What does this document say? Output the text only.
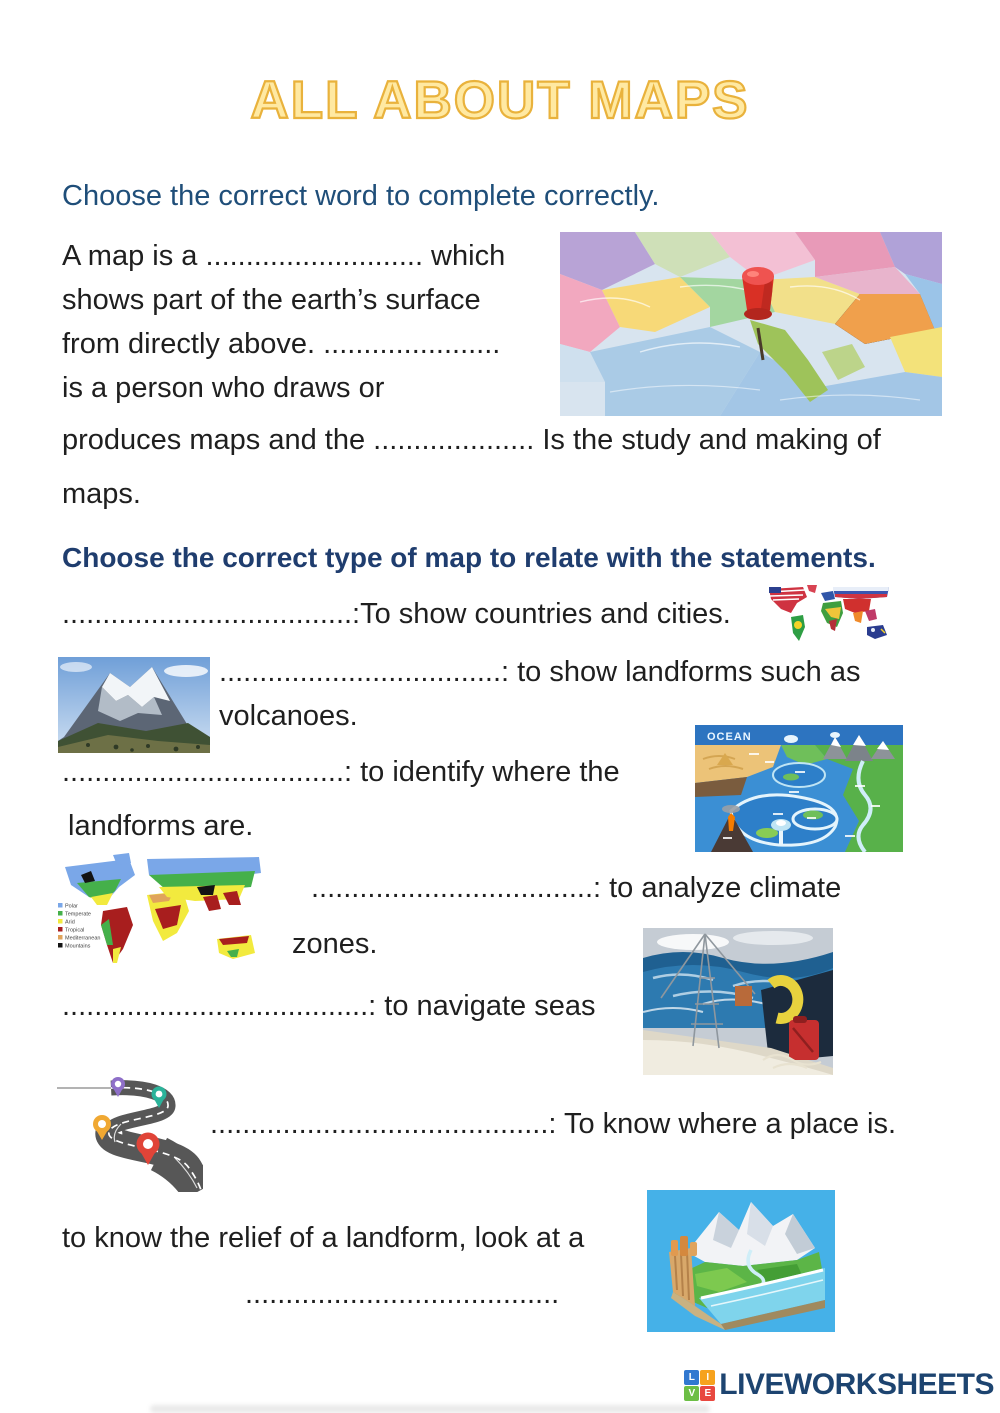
ALL ABOUT MAPS
Choose the correct word to complete correctly.
A map is a ........................... which
shows part of the earth’s surface
from directly above. ......................
is a person who draws or
produces maps and the .................... Is the study and making of
maps.
Choose the correct type of map to relate with the statements.
....................................:To show countries and cities.
...................................: to show landforms such as
volcanoes.
...................................: to identify where the
OCEAN
landforms are.
Polar
Temperate
Arid
Tropical
Mediterranean
Mountains
...................................: to analyze climate
zones.
......................................: to navigate seas
..........................................: To know where a place is.
to know the relief of a landform, look at a
.......................................
L	I
V E LIVEWORKSHEETS
